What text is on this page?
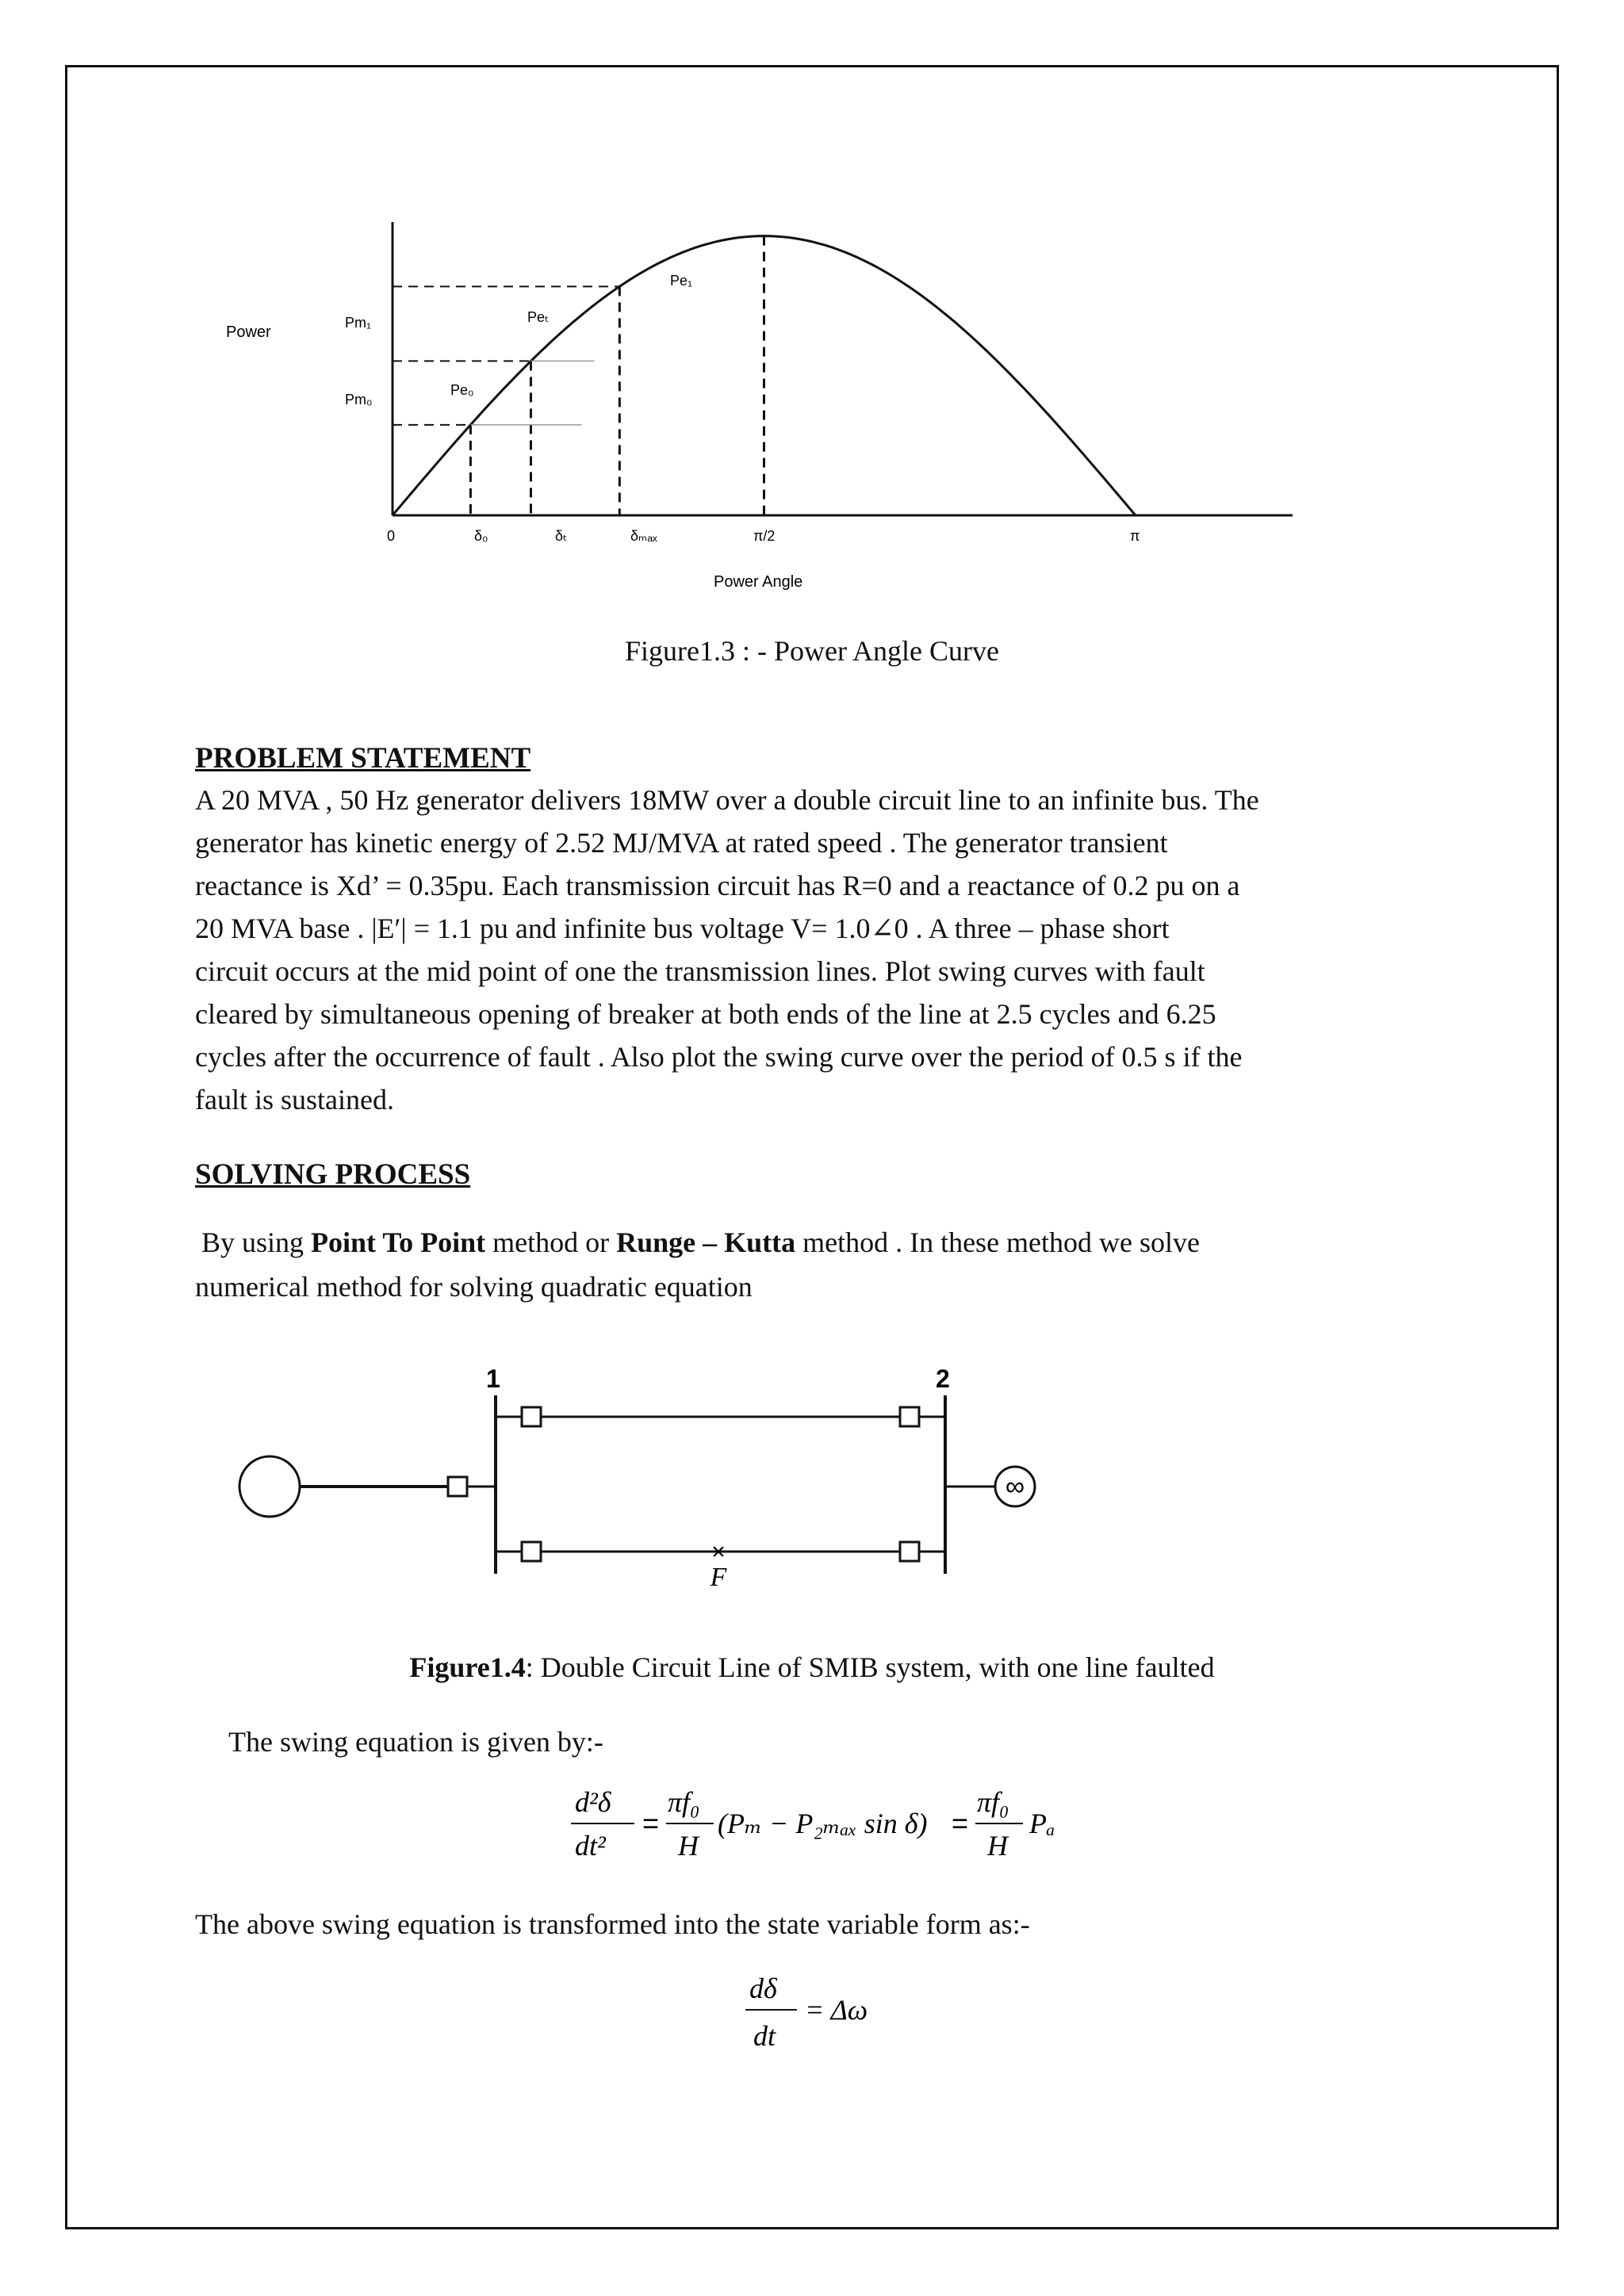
Power
Pm₁
Pm₀
Pe₀
Peₜ
Pe₁
0	δ₀	δₜ	δₘₐₓ	π/2	π
Power Angle
Figure1.3 : - Power Angle Curve
PROBLEM STATEMENT

A 20 MVA , 50 Hz generator delivers 18MW over a double circuit line to an infinite bus. The

generator has kinetic energy of 2.52 MJ/MVA at rated speed . The generator transient

reactance is Xd’ = 0.35pu. Each transmission circuit has R=0 and a reactance of 0.2 pu on a

20 MVA base . |E′| = 1.1 pu and infinite bus voltage V= 1.0∠0 . A three – phase short

circuit occurs at the mid point of one the transmission lines. Plot swing curves with fault

cleared by simultaneous opening of breaker at both ends of the line at 2.5 cycles and 6.25

cycles after the occurrence of fault . Also plot the swing curve over the period of 0.5 s if the

fault is sustained.

SOLVING PROCESS

By using Point To Point method or Runge – Kutta method . In these method we solve

numerical method for solving quadratic equation

1	2
∞
×
F
Figure1.4: Double Circuit Line of SMIB system, with one line faulted
The swing equation is given by:-
d²δ
dt²
=
πf₀
H
(Pₘ − P₂ₘₐₓ sin δ) =
πf₀
H
Pₐ
The above swing equation is transformed into the state variable form as:-
dδ
dt
= Δω
